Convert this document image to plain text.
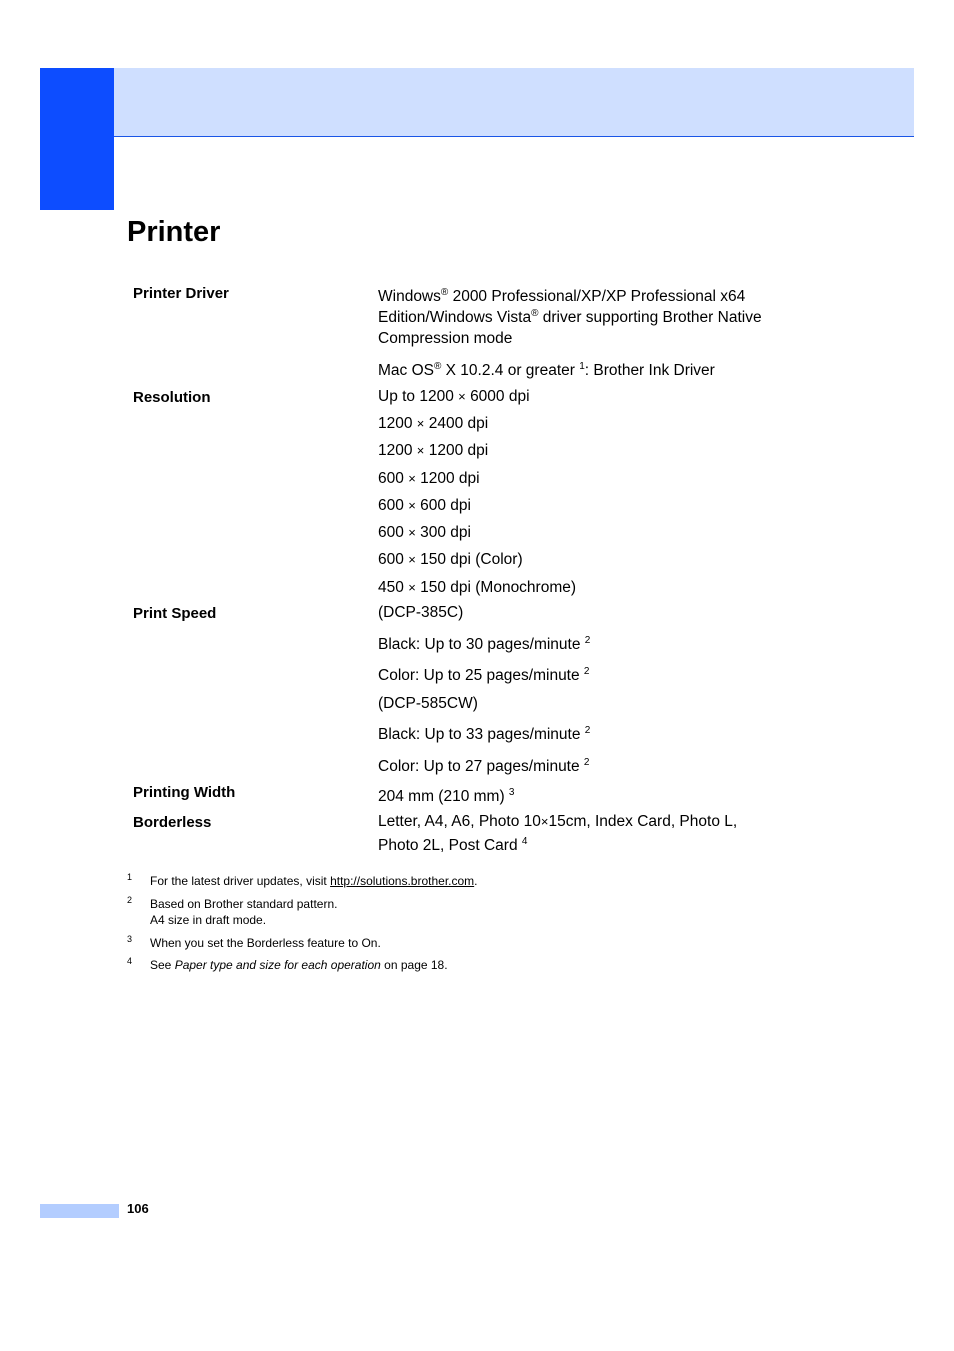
Printer
Printer Driver	Windows® 2000 Professional/XP/XP Professional x64
Edition/Windows Vista® driver supporting Brother Native
Compression mode
Mac OS® X 10.2.4 or greater $^1$: Brother Ink Driver
Resolution	Up to 1200 × 6000 dpi
1200 × 2400 dpi
1200 × 1200 dpi
600 × 1200 dpi
600 × 600 dpi
600 × 300 dpi
600 × 150 dpi (Color)
450 × 150 dpi (Monochrome)
Print Speed	(DCP-385C)
Black: Up to 30 pages/minute $^2$
Color: Up to 25 pages/minute $^2$
(DCP-585CW)
Black: Up to 33 pages/minute $^2$
Color: Up to 27 pages/minute $^2$
Printing Width	204 mm (210 mm) $^3$
Borderless	Letter, A4, A6, Photo 10×15cm, Index Card, Photo L,
Photo 2L, Post Card $^4$
1 For the latest driver updates, visit http://solutions.brother.com.
2 Based on Brother standard pattern.
A4 size in draft mode.
3 When you set the Borderless feature to On.
4 See Paper type and size for each operation on page 18.
106
